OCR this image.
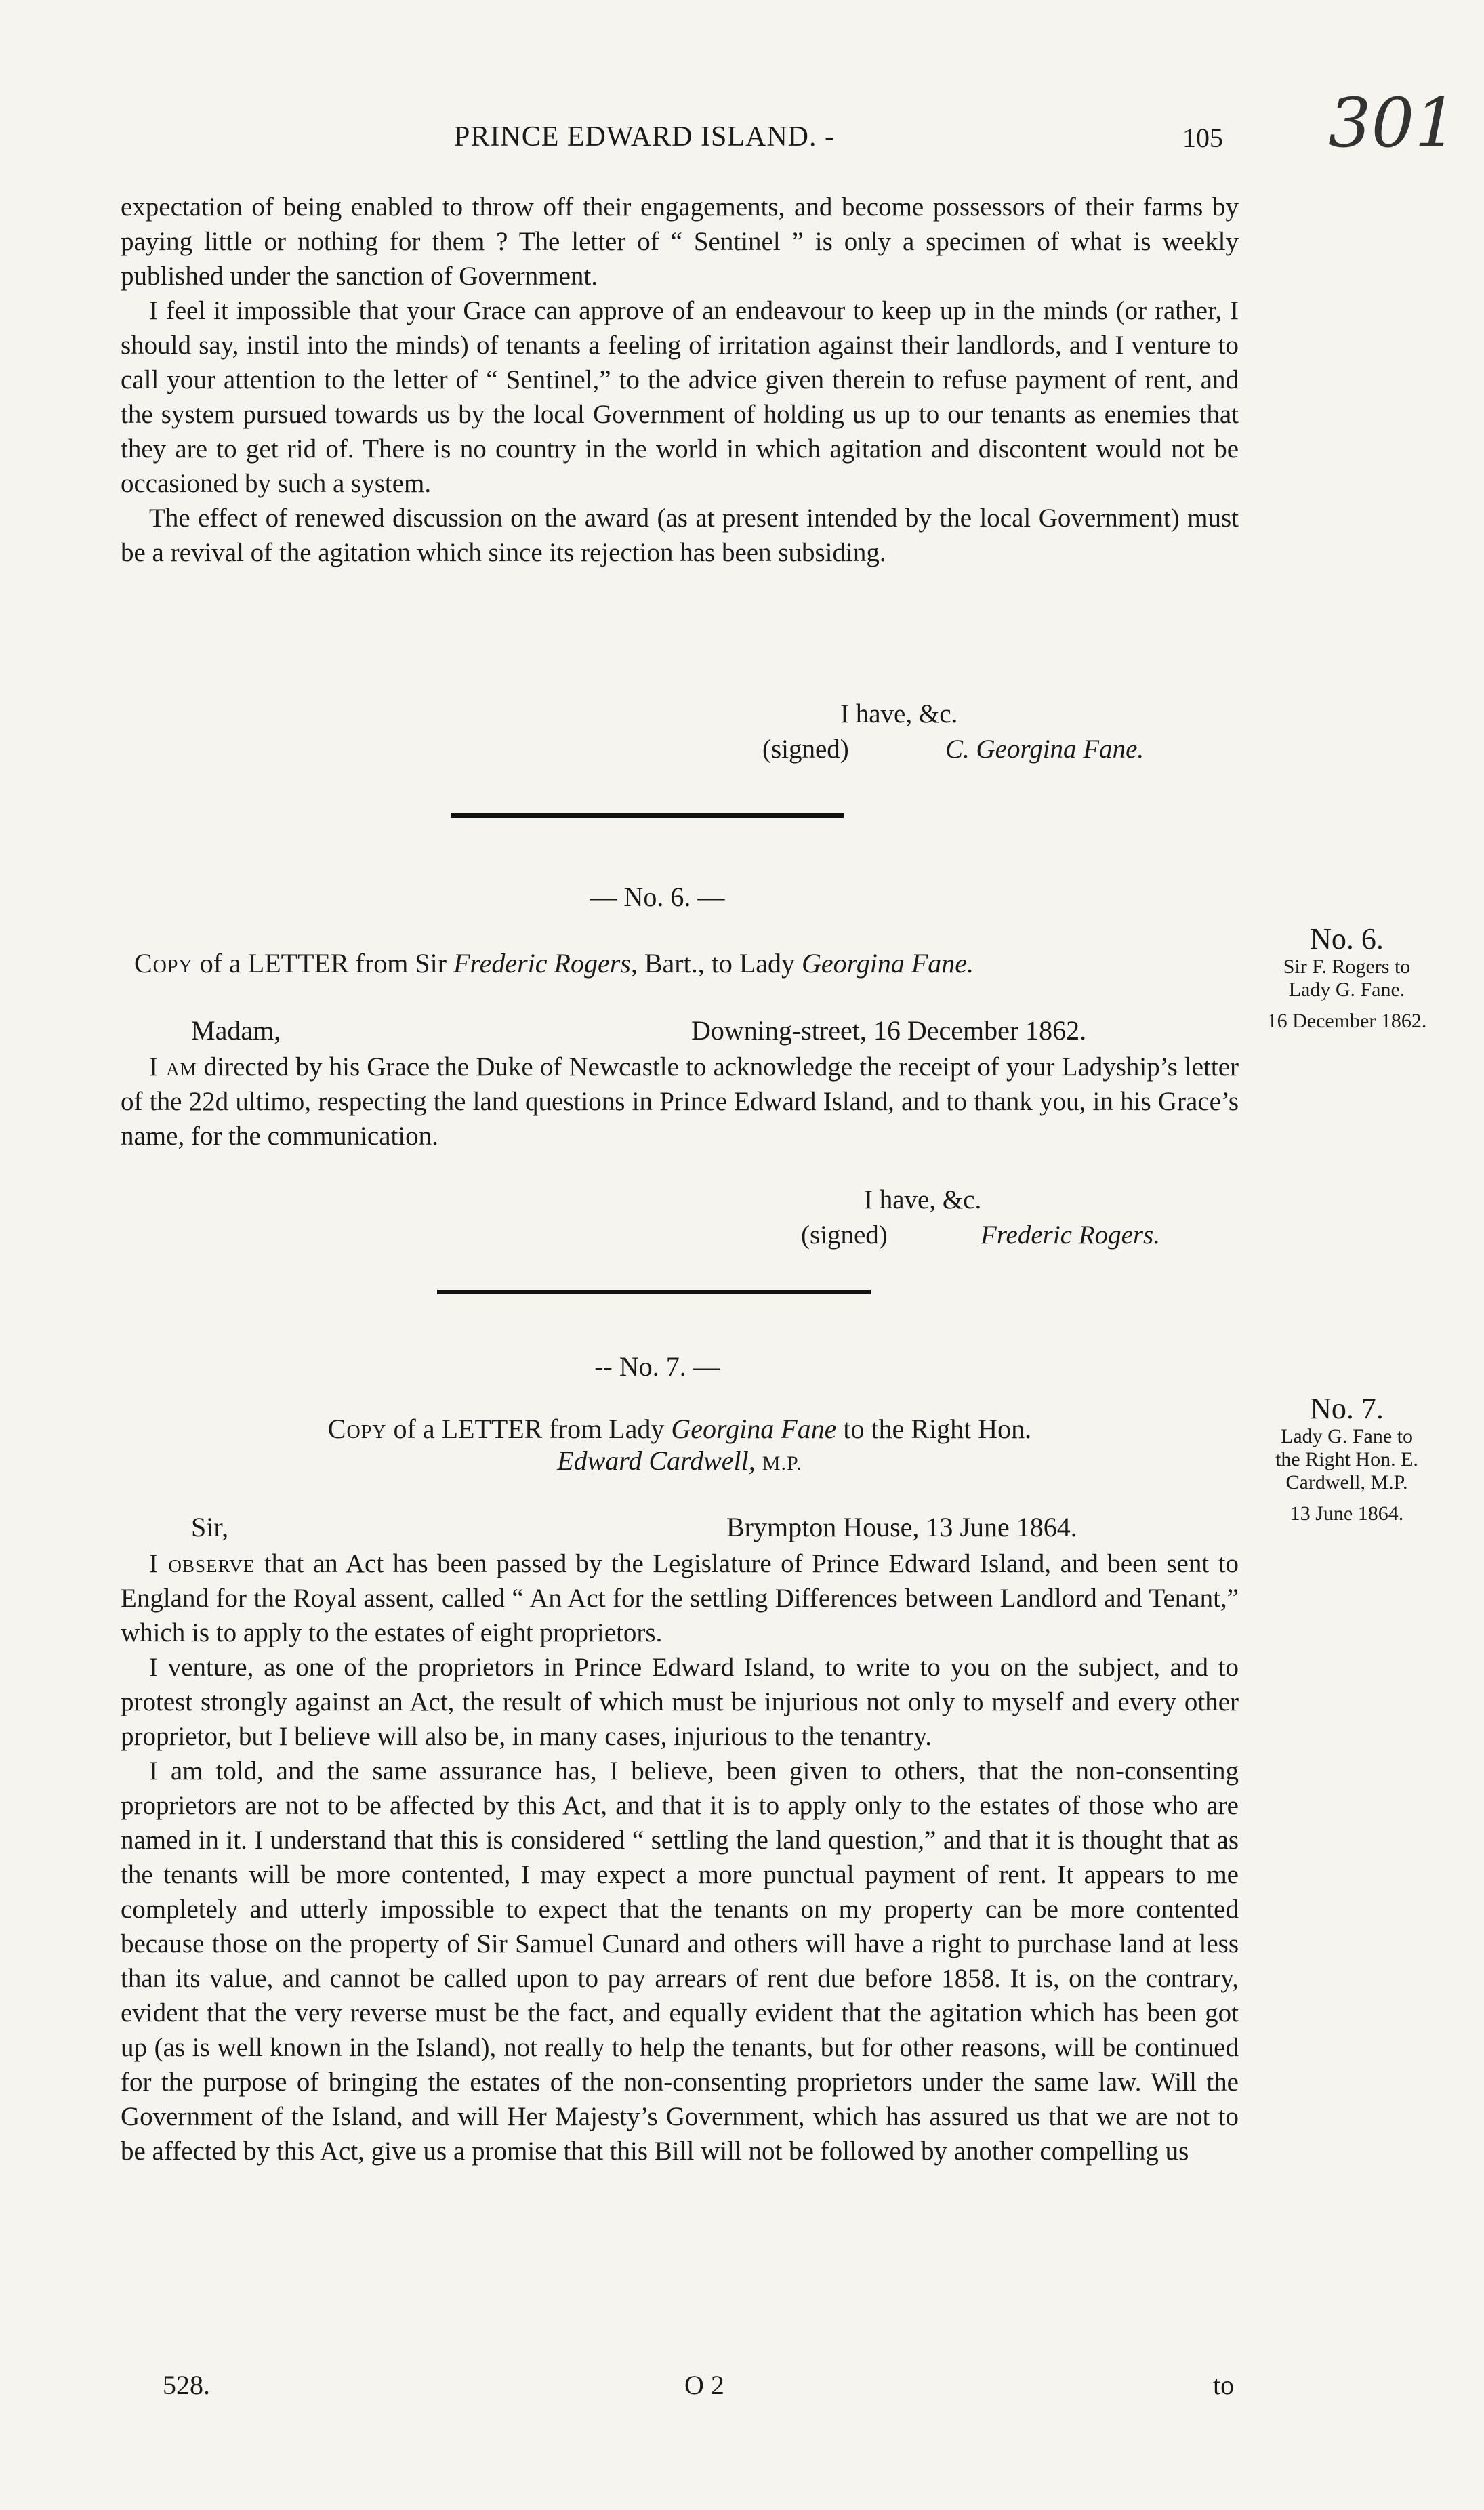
PRINCE EDWARD ISLAND. -	105 301

expectation of being enabled to throw off their engagements, and become possessors of their farms by paying little or nothing for them ? The letter of “ Sentinel ” is only a specimen of what is weekly published under the sanction of Government.

I feel it impossible that your Grace can approve of an endeavour to keep up in the minds (or rather, I should say, instil into the minds) of tenants a feeling of irritation against their landlords, and I venture to call your attention to the letter of “ Sentinel,” to the advice given therein to refuse payment of rent, and the system pursued towards us by the local Government of holding us up to our tenants as enemies that they are to get rid of. There is no country in the world in which agitation and discontent would not be occasioned by such a system.

The effect of renewed discussion on the award (as at present intended by the local Government) must be a revival of the agitation which since its rejection has been subsiding.

I have, &c.
(signed)	C. Georgina Fane.
— No. 6. —
Copy of a LETTER from Sir Frederic Rogers, Bart., to Lady Georgina Fane.
No. 6.
Sir F. Rogers to
Lady G. Fane.
16 December 1862.
Madam,	Downing-street, 16 December 1862.

I am directed by his Grace the Duke of Newcastle to acknowledge the receipt of your Ladyship’s letter of the 22d ultimo, respecting the land questions in Prince Edward Island, and to thank you, in his Grace’s name, for the communication.

I have, &c.
(signed)	Frederic Rogers.
-- No. 7. —
Copy of a LETTER from Lady Georgina Fane to the Right Hon.
Edward Cardwell, M.P.
No. 7.
Lady G. Fane to
the Right Hon. E.
Cardwell, M.P.
13 June 1864.
Sir,	Brympton House, 13 June 1864.

I observe that an Act has been passed by the Legislature of Prince Edward Island, and been sent to England for the Royal assent, called “ An Act for the settling Differences between Landlord and Tenant,” which is to apply to the estates of eight proprietors.

I venture, as one of the proprietors in Prince Edward Island, to write to you on the subject, and to protest strongly against an Act, the result of which must be injurious not only to myself and every other proprietor, but I believe will also be, in many cases, injurious to the tenantry.

I am told, and the same assurance has, I believe, been given to others, that the non-consenting proprietors are not to be affected by this Act, and that it is to apply only to the estates of those who are named in it. I understand that this is considered “ settling the land question,” and that it is thought that as the tenants will be more contented, I may expect a more punctual payment of rent. It appears to me completely and utterly impossible to expect that the tenants on my property can be more contented because those on the property of Sir Samuel Cunard and others will have a right to purchase land at less than its value, and cannot be called upon to pay arrears of rent due before 1858. It is, on the contrary, evident that the very reverse must be the fact, and equally evident that the agitation which has been got up (as is well known in the Island), not really to help the tenants, but for other reasons, will be continued for the purpose of bringing the estates of the non-consenting proprietors under the same law. Will the Government of the Island, and will Her Majesty’s Government, which has assured us that we are not to be affected by this Act, give us a promise that this Bill will not be followed by another compelling us

528.	O 2	to
